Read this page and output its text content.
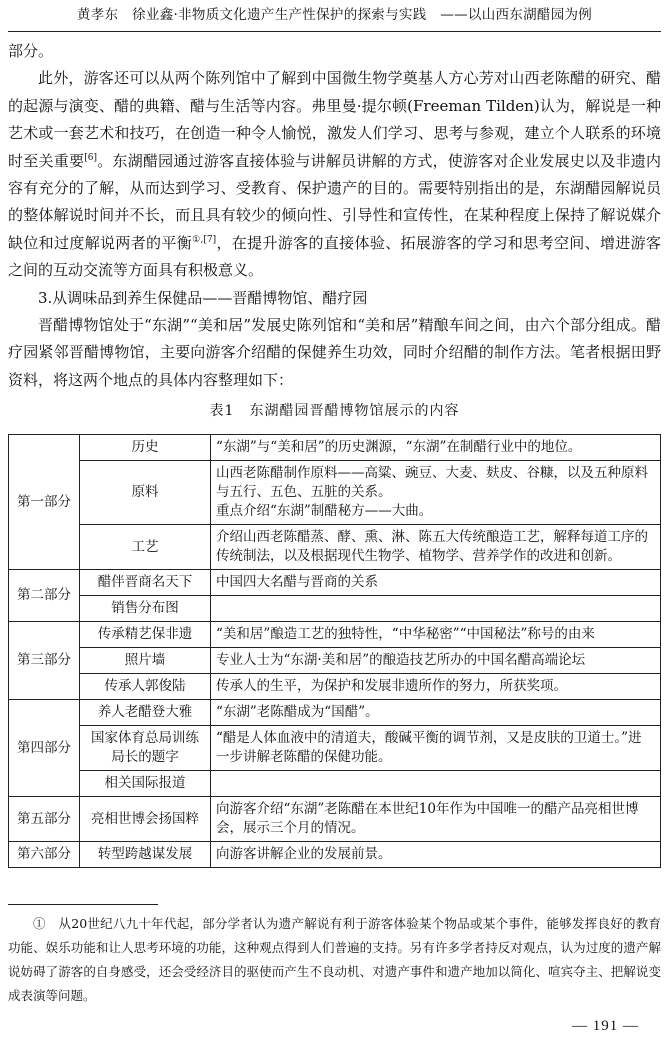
黄孝东　徐业鑫·非物质文化遗产生产性保护的探索与实践　——以山西东湖醋园为例

部分。

此外，游客还可以从两个陈列馆中了解到中国微生物学奠基人方心芳对山西老陈醋的研究、醋的起源与演变、醋的典籍、醋与生活等内容。弗里曼·提尔顿(Freeman Tilden)认为，解说是一种艺术或一套艺术和技巧，在创造一种令人愉悦，激发人们学习、思考与参观，建立个人联系的环境时至关重要[6]。东湖醋园通过游客直接体验与讲解员讲解的方式，使游客对企业发展史以及非遗内容有充分的了解，从而达到学习、受教育、保护遗产的目的。需要特别指出的是，东湖醋园解说员的整体解说时间并不长，而且具有较少的倾向性、引导性和宣传性，在某种程度上保持了解说媒介缺位和过度解说两者的平衡$^{①,[7]}$，在提升游客的直接体验、拓展游客的学习和思考空间、增进游客之间的互动交流等方面具有积极意义。

3.从调味品到养生保健品——晋醋博物馆、醋疗园

晋醋博物馆处于“东湖”“美和居”发展史陈列馆和“美和居”精酿车间之间，由六个部分组成。醋疗园紧邻晋醋博物馆，主要向游客介绍醋的保健养生功效，同时介绍醋的制作方法。笔者根据田野资料，将这两个地点的具体内容整理如下：

表1　东湖醋园晋醋博物馆展示的内容
第一部分	历史	“东湖”与“美和居”的历史渊源，“东湖”在制醋行业中的地位。

	原料	山西老陈醋制作原料——高粱、豌豆、大麦、麸皮、谷糠，以及五种原料与五行、五色、五脏的关系。
重点介绍“东湖”制醋秘方——大曲。

	工艺	介绍山西老陈醋蒸、酵、熏、淋、陈五大传统酿造工艺，解释每道工序的传统制法，以及根据现代生物学、植物学、营养学作的改进和创新。

第二部分	醋伴晋商名天下	中国四大名醋与晋商的关系

	销售分布图	

第三部分	传承精艺保非遗	“美和居”酿造工艺的独特性，“中华秘密”“中国秘法”称号的由来

	照片墙	专业人士为“东湖·美和居”的酿造技艺所办的中国名醋高端论坛

	传承人郭俊陆	传承人的生平，为保护和发展非遗所作的努力，所获奖项。

第四部分	养人老醋登大雅	“东湖”老陈醋成为“国醋”。

	国家体育总局训练局长的题字	“醋是人体血液中的清道夫，酸碱平衡的调节剂，又是皮肤的卫道士。”进一步讲解老陈醋的保健功能。

	相关国际报道	

第五部分	亮相世博会扬国粹	向游客介绍“东湖”老陈醋在本世纪10年作为中国唯一的醋产品亮相世博会，展示三个月的情况。

第六部分	转型跨越谋发展	向游客讲解企业的发展前景。

①　从20世纪八九十年代起，部分学者认为遗产解说有利于游客体验某个物品或某个事件，能够发挥良好的教育功能、娱乐功能和让人思考环境的功能，这种观点得到人们普遍的支持。另有许多学者持反对观点，认为过度的遗产解说妨碍了游客的自身感受，还会受经济目的驱使而产生不良动机、对遗产事件和遗产地加以简化、喧宾夺主、把解说变成表演等问题。

— 191 —
